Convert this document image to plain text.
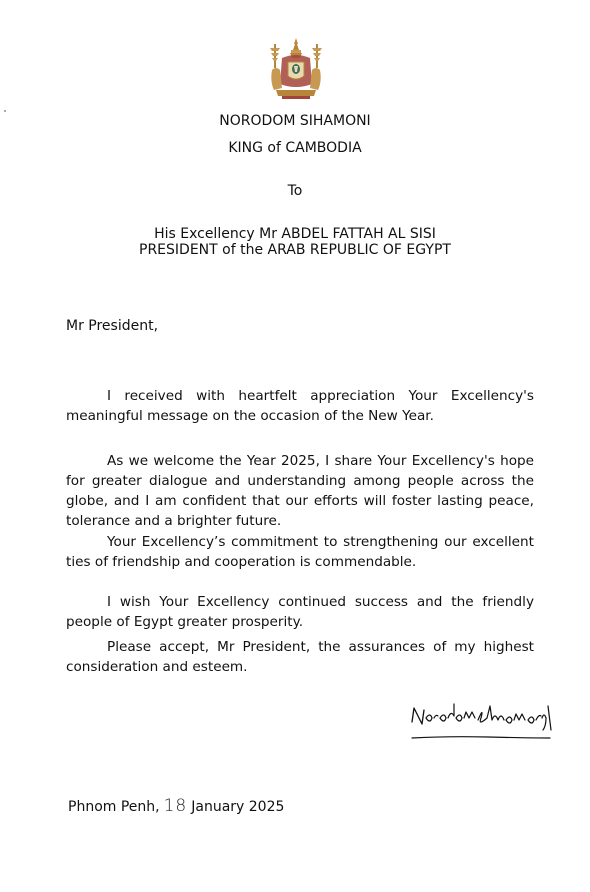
NORODOM SIHAMONI
KING of CAMBODIA
To
His Excellency Mr ABDEL FATTAH AL SISI
PRESIDENT of the ARAB REPUBLIC OF EGYPT
Mr President,

I received with heartfelt appreciation Your Excellency's meaningful message on the occasion of the New Year.

As we welcome the Year 2025, I share Your Excellency's hope for greater dialogue and understanding among people across the globe, and I am confident that our efforts will foster lasting peace, tolerance and a brighter future.

Your Excellency’s commitment to strengthening our excellent ties of friendship and cooperation is commendable.

I wish Your Excellency continued success and the friendly people of Egypt greater prosperity.

Please accept, Mr President, the assurances of my highest consideration and esteem.

Phnom Penh, 18 January 2025
